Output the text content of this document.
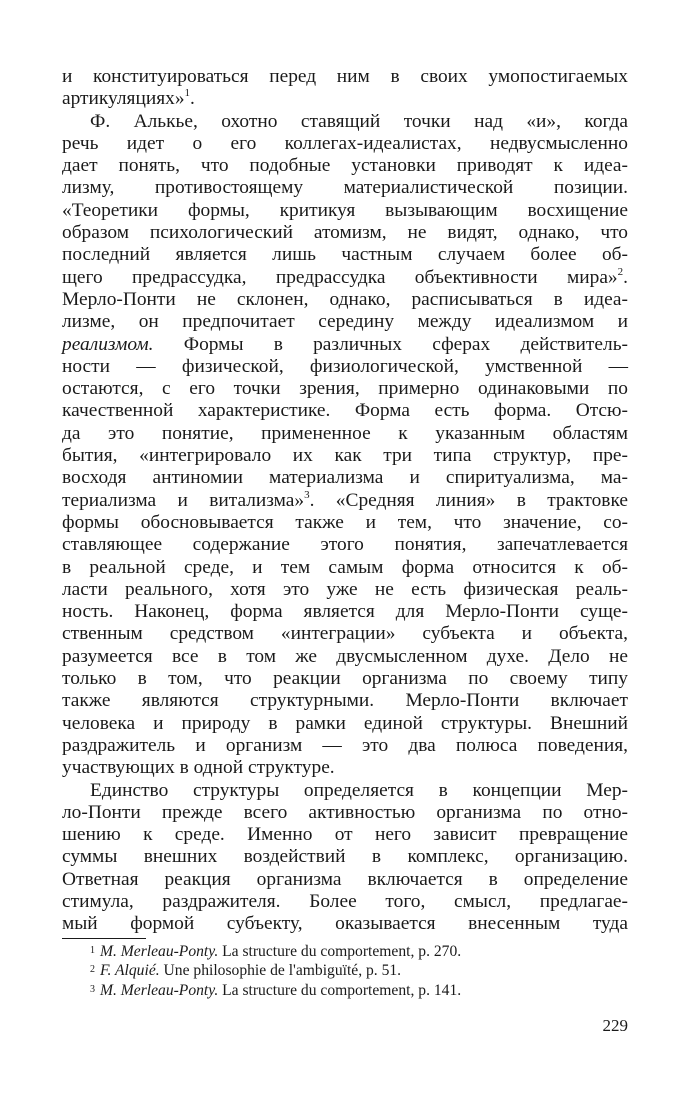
и конституироваться перед ним в своих умопостигаемых
артикуляциях»$^1$.
Ф. Алькье, охотно ставящий точки над «и», когда
речь идет о его коллегах-идеалистах, недвусмысленно
дает понять, что подобные установки приводят к идеа-
лизму, противостоящему материалистической позиции.
«Теоретики формы, критикуя вызывающим восхищение
образом психологический атомизм, не видят, однако, что
последний является лишь частным случаем более об-
щего предрассудка, предрассудка объективности мира»$^2$.
Мерло-Понти не склонен, однако, расписываться в идеа-
лизме, он предпочитает середину между идеализмом и
реализмом. Формы в различных сферах действитель-
ности — физической, физиологической, умственной —
остаются, с его точки зрения, примерно одинаковыми по
качественной характеристике. Форма есть форма. Отсю-
да это понятие, примененное к указанным областям
бытия, «интегрировало их как три типа структур, пре-
восходя антиномии материализма и спиритуализма, ма-
териализма и витализма»$^3$. «Средняя линия» в трактовке
формы обосновывается также и тем, что значение, со-
ставляющее содержание этого понятия, запечатлевается
в реальной среде, и тем самым форма относится к об-
ласти реального, хотя это уже не есть физическая реаль-
ность. Наконец, форма является для Мерло-Понти суще-
ственным средством «интеграции» субъекта и объекта,
разумеется все в том же двусмысленном духе. Дело не
только в том, что реакции организма по своему типу
также являются структурными. Мерло-Понти включает
человека и природу в рамки единой структуры. Внешний
раздражитель и организм — это два полюса поведения,
участвующих в одной структуре.
Единство структуры определяется в концепции Мер-
ло-Понти прежде всего активностью организма по отно-
шению к среде. Именно от него зависит превращение
суммы внешних воздействий в комплекс, организацию.
Ответная реакция организма включается в определение
стимула, раздражителя. Более того, смысл, предлагае-
мый формой субъекту, оказывается внесенным туда
$^1$ M. Merleau-Ponty. La structure du comportement, p. 270.
$^2$ F. Alquié. Une philosophie de l'ambiguïté, p. 51.
$^3$ M. Merleau-Ponty. La structure du comportement, p. 141.
229
